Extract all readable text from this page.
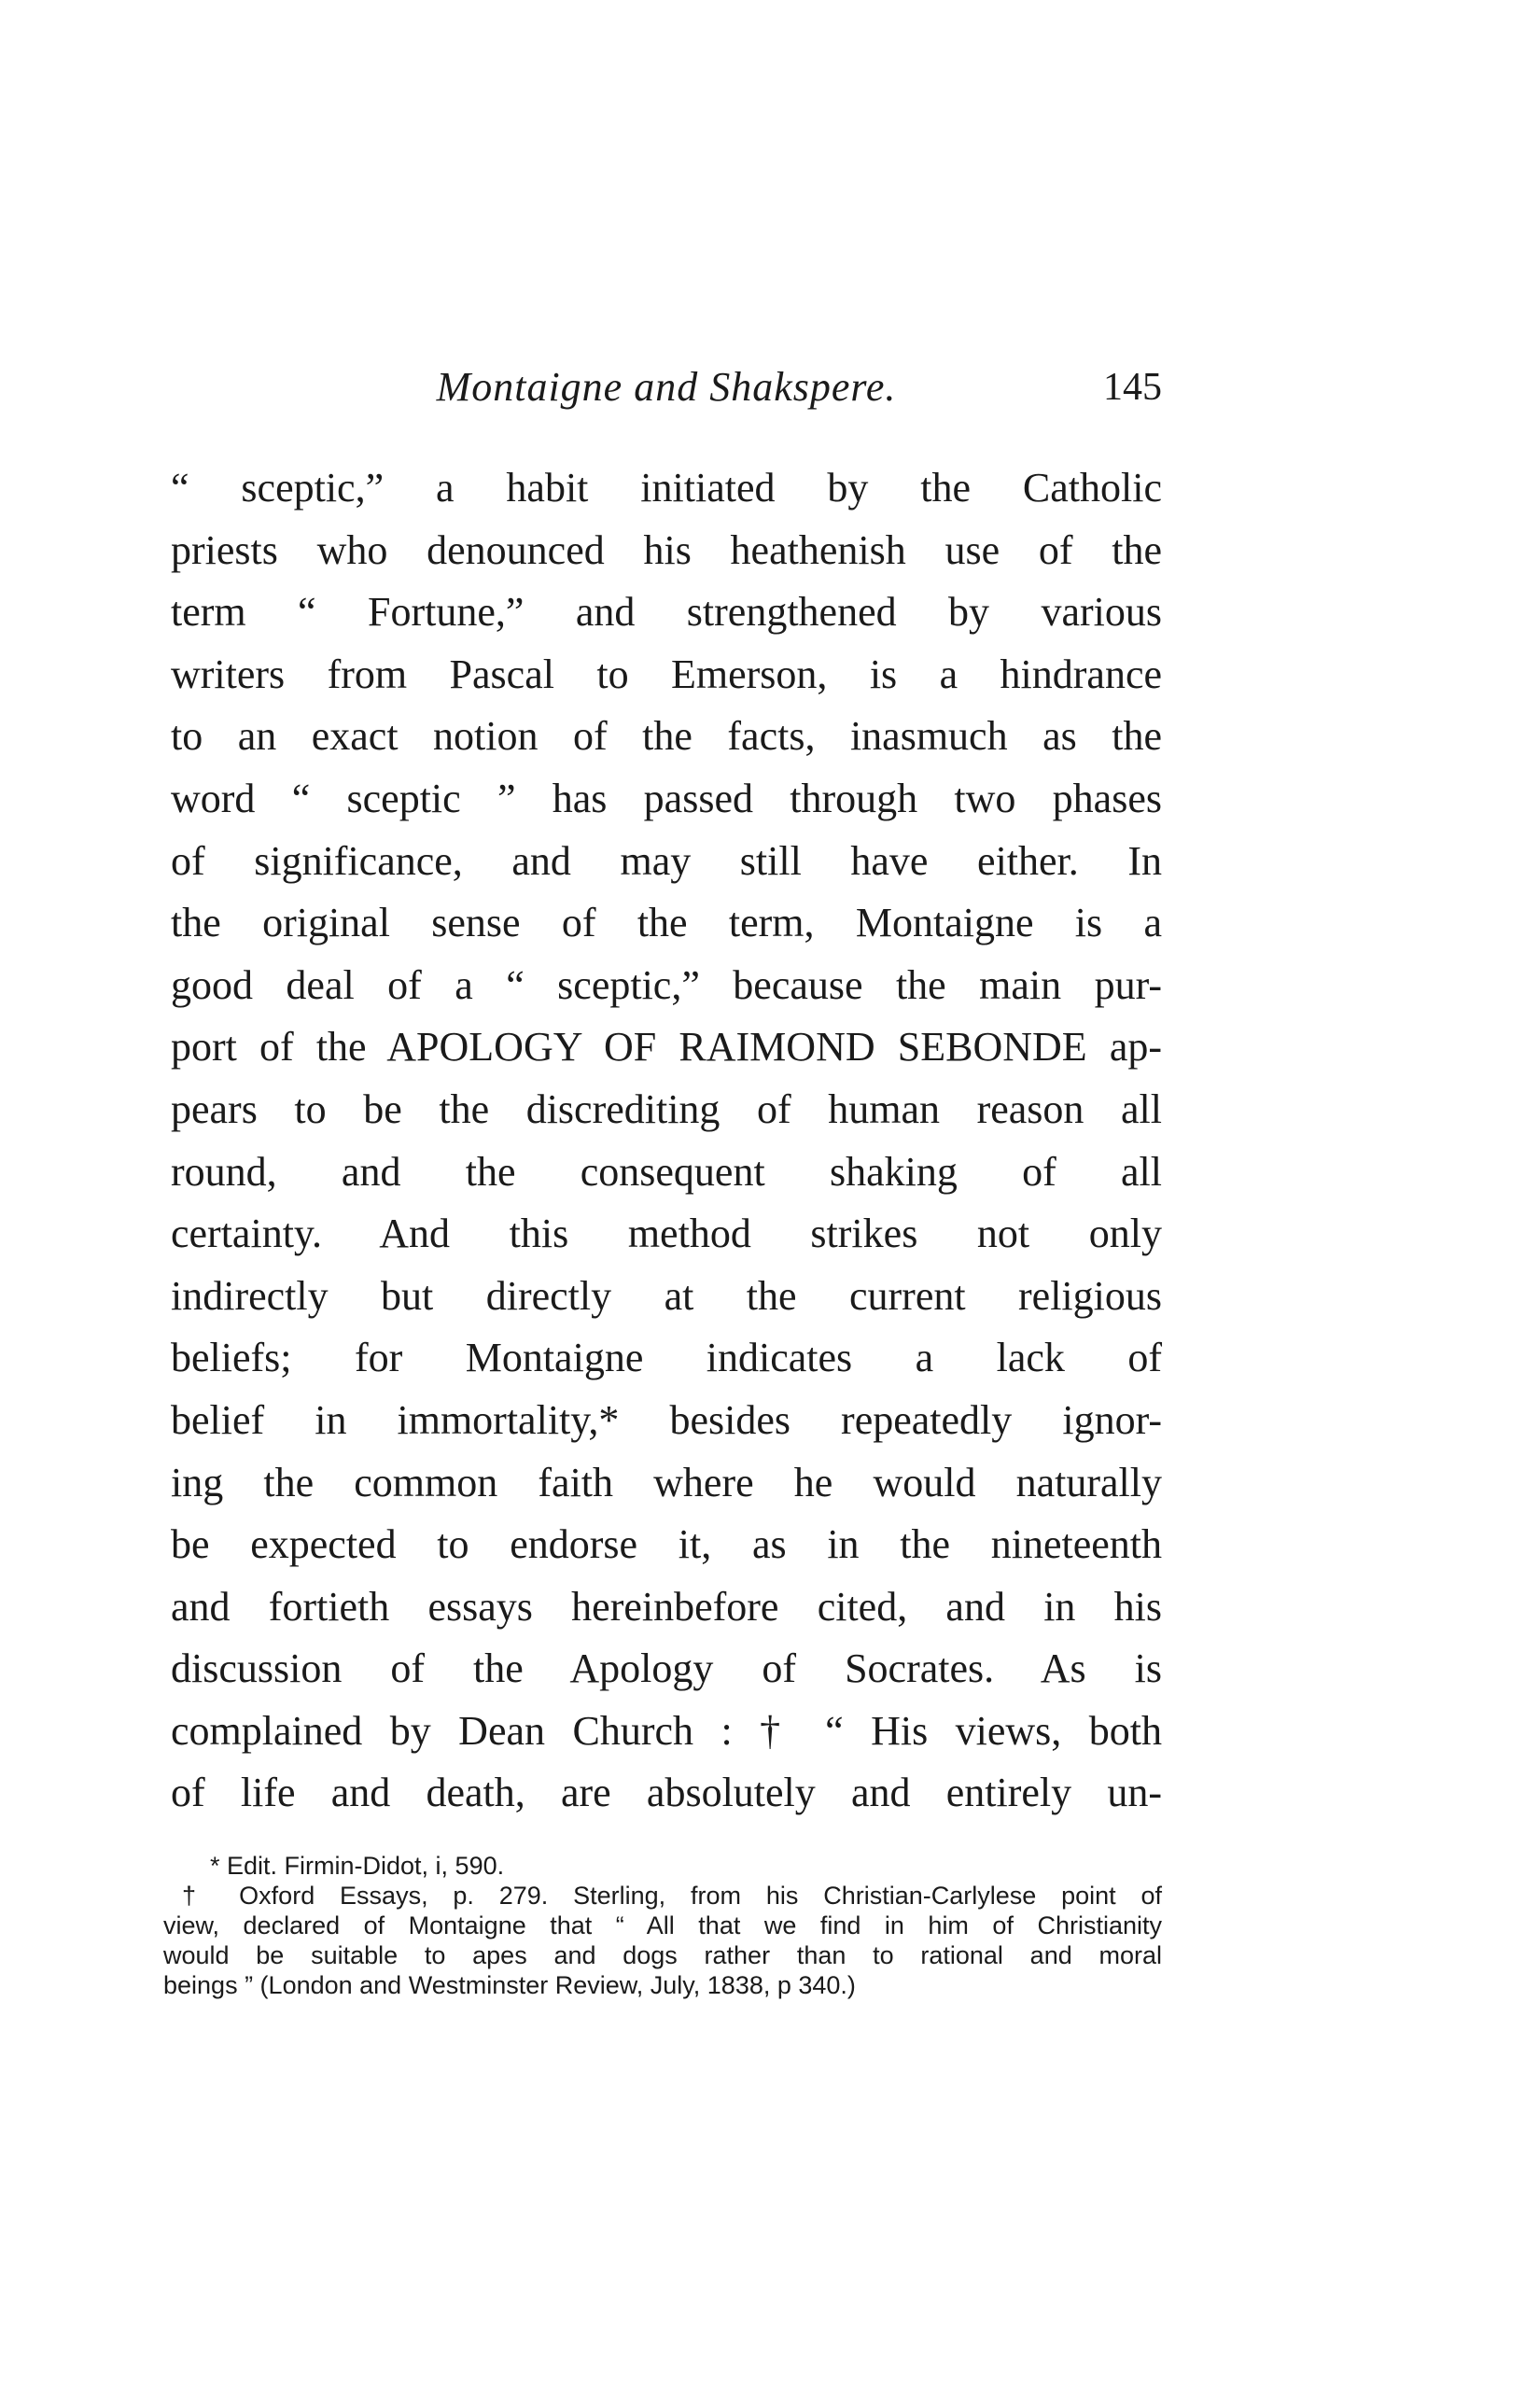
Montaigne and Shakspere.	145
“ sceptic,” a habit initiated by the Catholic
priests who denounced his heathenish use of the
term “ Fortune,” and strengthened by various
writers from Pascal to Emerson, is a hindrance
to an exact notion of the facts, inasmuch as the
word “ sceptic ” has passed through two phases
of significance, and may still have either. In
the original sense of the term, Montaigne is a
good deal of a “ sceptic,” because the main pur-
port of the APOLOGY OF RAIMOND SEBONDE ap-
pears to be the discrediting of human reason all
round, and the consequent shaking of all
certainty. And this method strikes not only
indirectly but directly at the current religious
beliefs; for Montaigne indicates a lack of
belief in immortality,* besides repeatedly ignor-
ing the common faith where he would naturally
be expected to endorse it, as in the nineteenth
and fortieth essays hereinbefore cited, and in his
discussion of the Apology of Socrates. As is
complained by Dean Church : † “ His views, both
of life and death, are absolutely and entirely un-
* Edit. Firmin-Didot, i, 590.
† Oxford Essays, p. 279. Sterling, from his Christian-Carlylese point of
view, declared of Montaigne that “ All that we find in him of Christianity
would be suitable to apes and dogs rather than to rational and moral
beings ” (London and Westminster Review, July, 1838, p 340.)
